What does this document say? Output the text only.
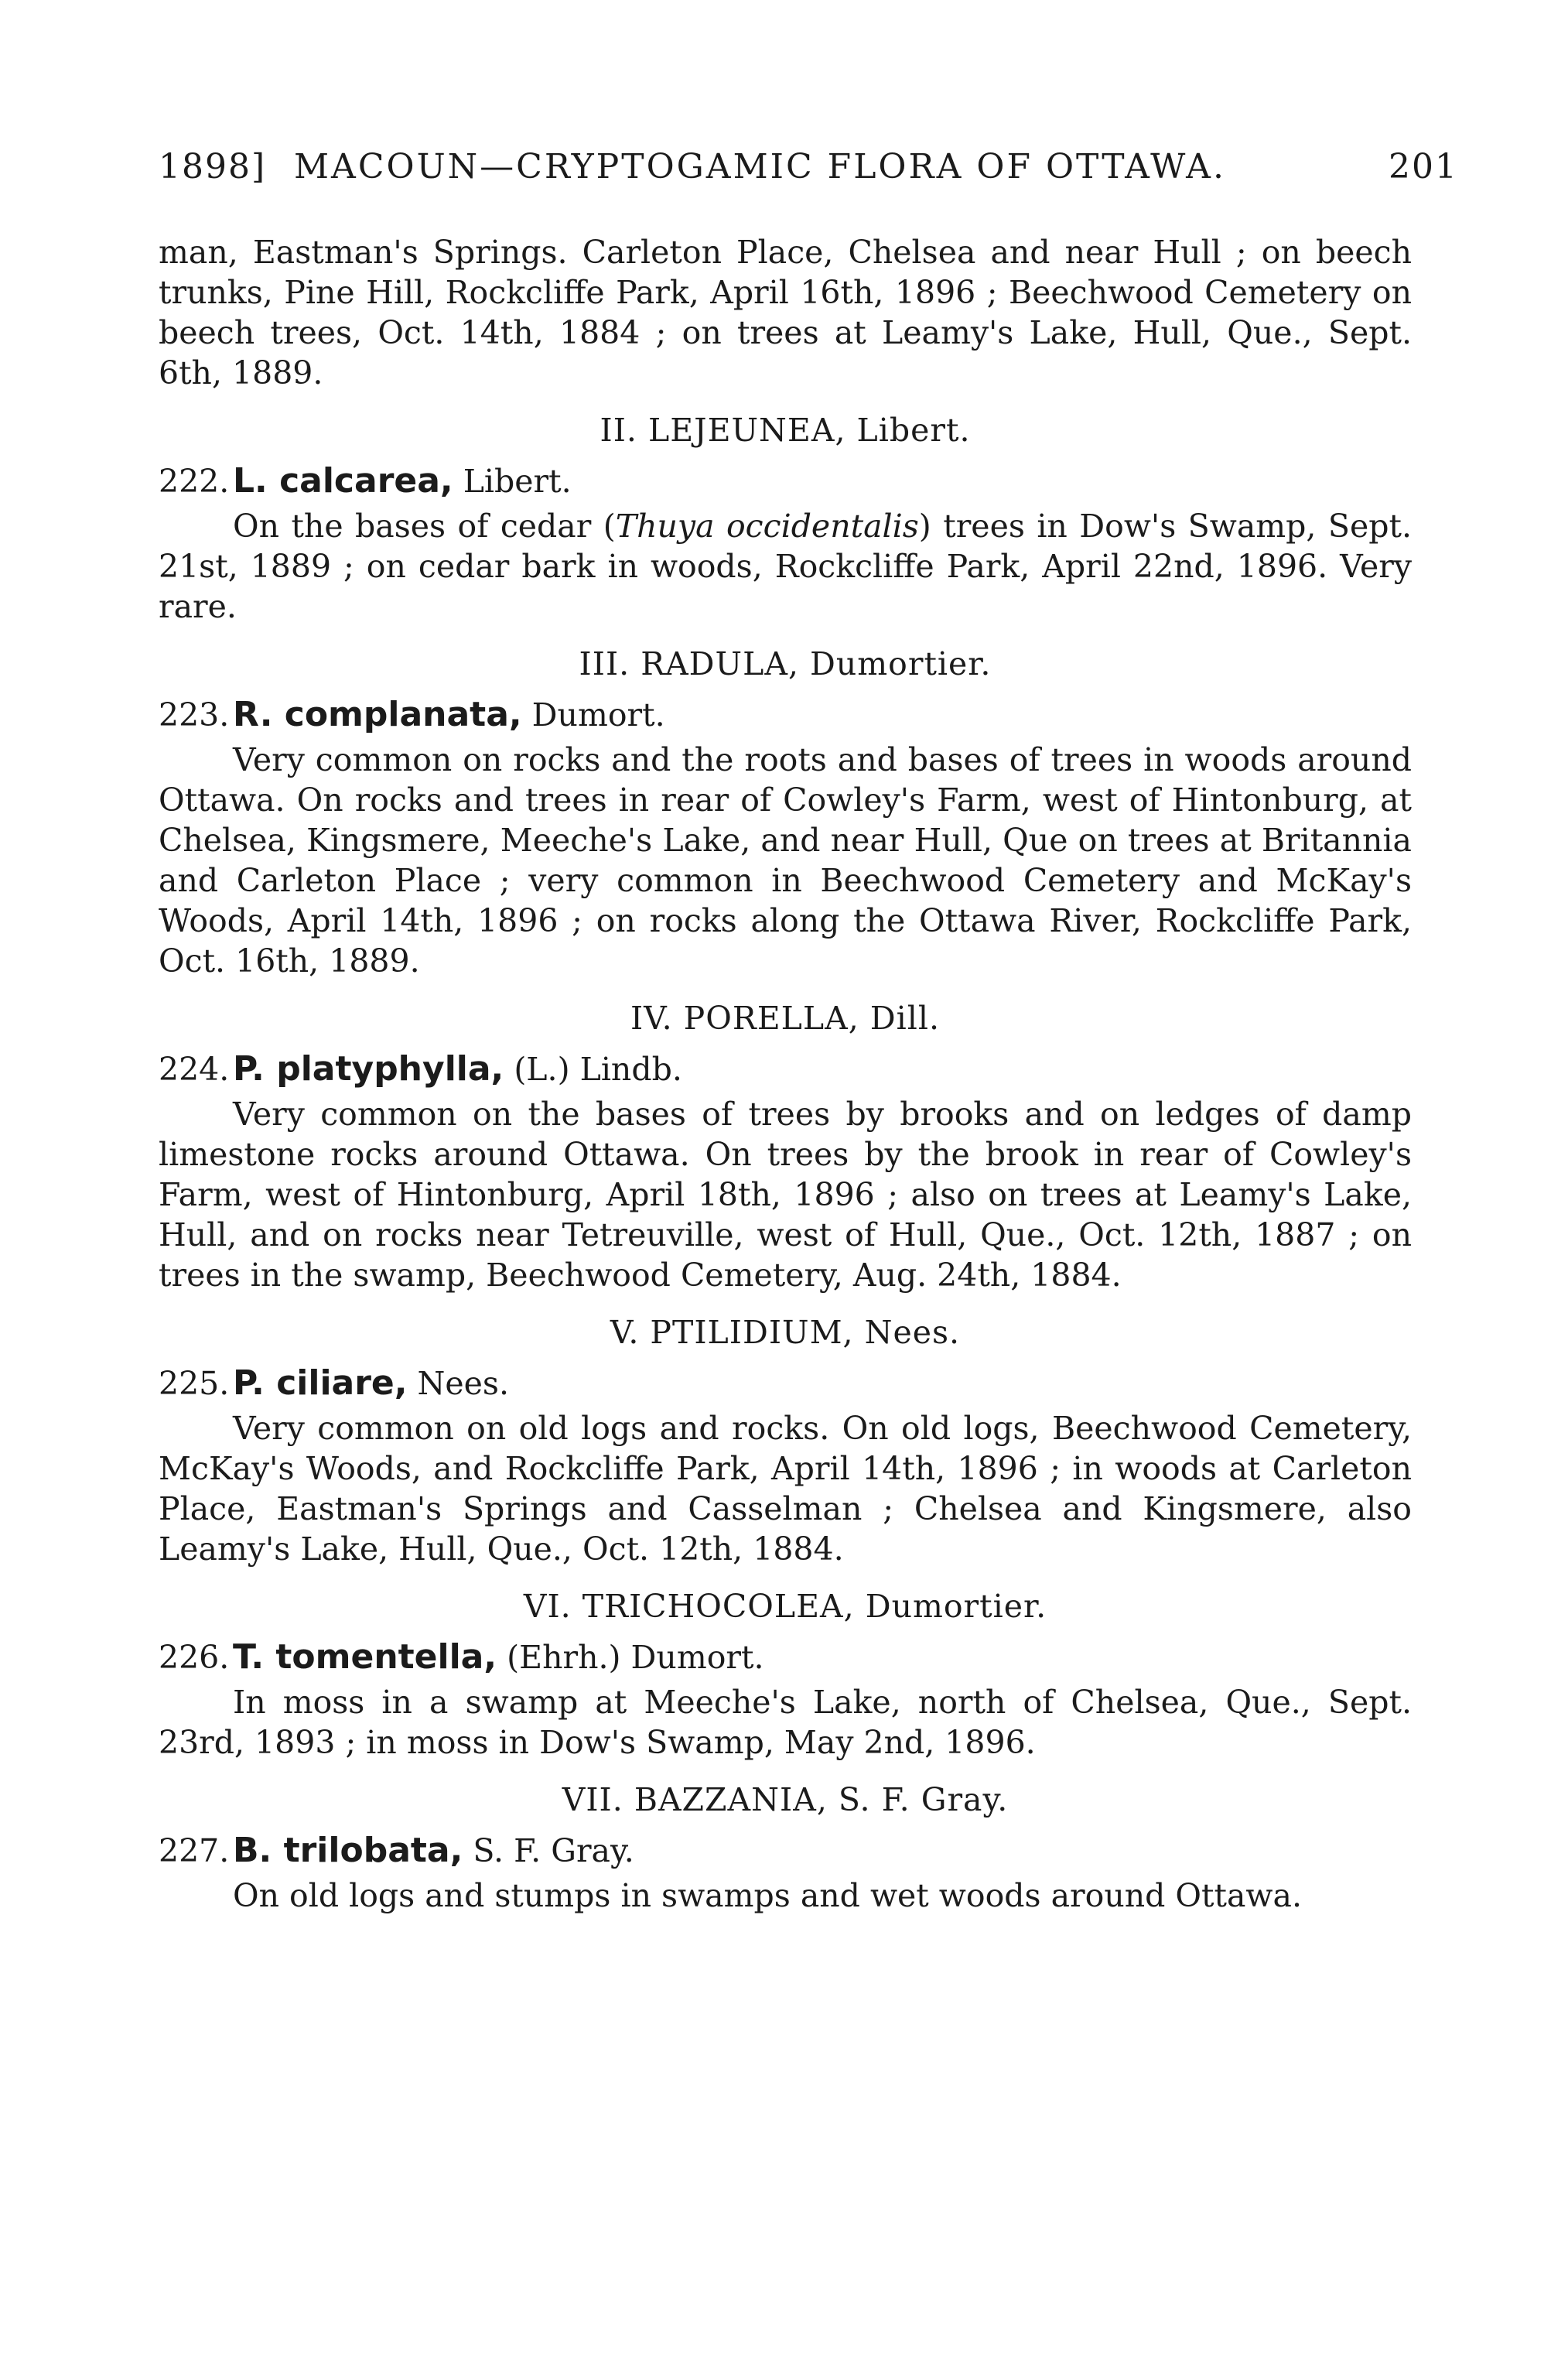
1898] MACOUN—CRYPTOGAMIC FLORA OF OTTAWA.	201

man, Eastman's Springs. Carleton Place, Chelsea and near Hull ; on beech trunks, Pine Hill, Rockcliffe Park, April 16th, 1896 ; Beechwood Cemetery on beech trees, Oct. 14th, 1884 ; on trees at Leamy's Lake, Hull, Que., Sept. 6th, 1889.

II. LEJEUNEA, Libert.
222. L. calcarea, Libert.

On the bases of cedar (Thuya occidentalis) trees in Dow's Swamp, Sept. 21st, 1889 ; on cedar bark in woods, Rockcliffe Park, April 22nd, 1896. Very rare.

III. RADULA, Dumortier.
223. R. complanata, Dumort.

Very common on rocks and the roots and bases of trees in woods around Ottawa. On rocks and trees in rear of Cowley's Farm, west of Hintonburg, at Chelsea, Kingsmere, Meeche's Lake, and near Hull, Que on trees at Britannia and Carleton Place ; very common in Beechwood Cemetery and McKay's Woods, April 14th, 1896 ; on rocks along the Ottawa River, Rockcliffe Park, Oct. 16th, 1889.

IV. PORELLA, Dill.
224. P. platyphylla, (L.) Lindb.

Very common on the bases of trees by brooks and on ledges of damp limestone rocks around Ottawa. On trees by the brook in rear of Cowley's Farm, west of Hintonburg, April 18th, 1896 ; also on trees at Leamy's Lake, Hull, and on rocks near Tetreuville, west of Hull, Que., Oct. 12th, 1887 ; on trees in the swamp, Beechwood Cemetery, Aug. 24th, 1884.

V. PTILIDIUM, Nees.
225. P. ciliare, Nees.

Very common on old logs and rocks. On old logs, Beechwood Cemetery, McKay's Woods, and Rockcliffe Park, April 14th, 1896 ; in woods at Carleton Place, Eastman's Springs and Casselman ; Chelsea and Kingsmere, also Leamy's Lake, Hull, Que., Oct. 12th, 1884.

VI. TRICHOCOLEA, Dumortier.
226. T. tomentella, (Ehrh.) Dumort.

In moss in a swamp at Meeche's Lake, north of Chelsea, Que., Sept. 23rd, 1893 ; in moss in Dow's Swamp, May 2nd, 1896.

VII. BAZZANIA, S. F. Gray.
227. B. trilobata, S. F. Gray.

On old logs and stumps in swamps and wet woods around Ottawa.
